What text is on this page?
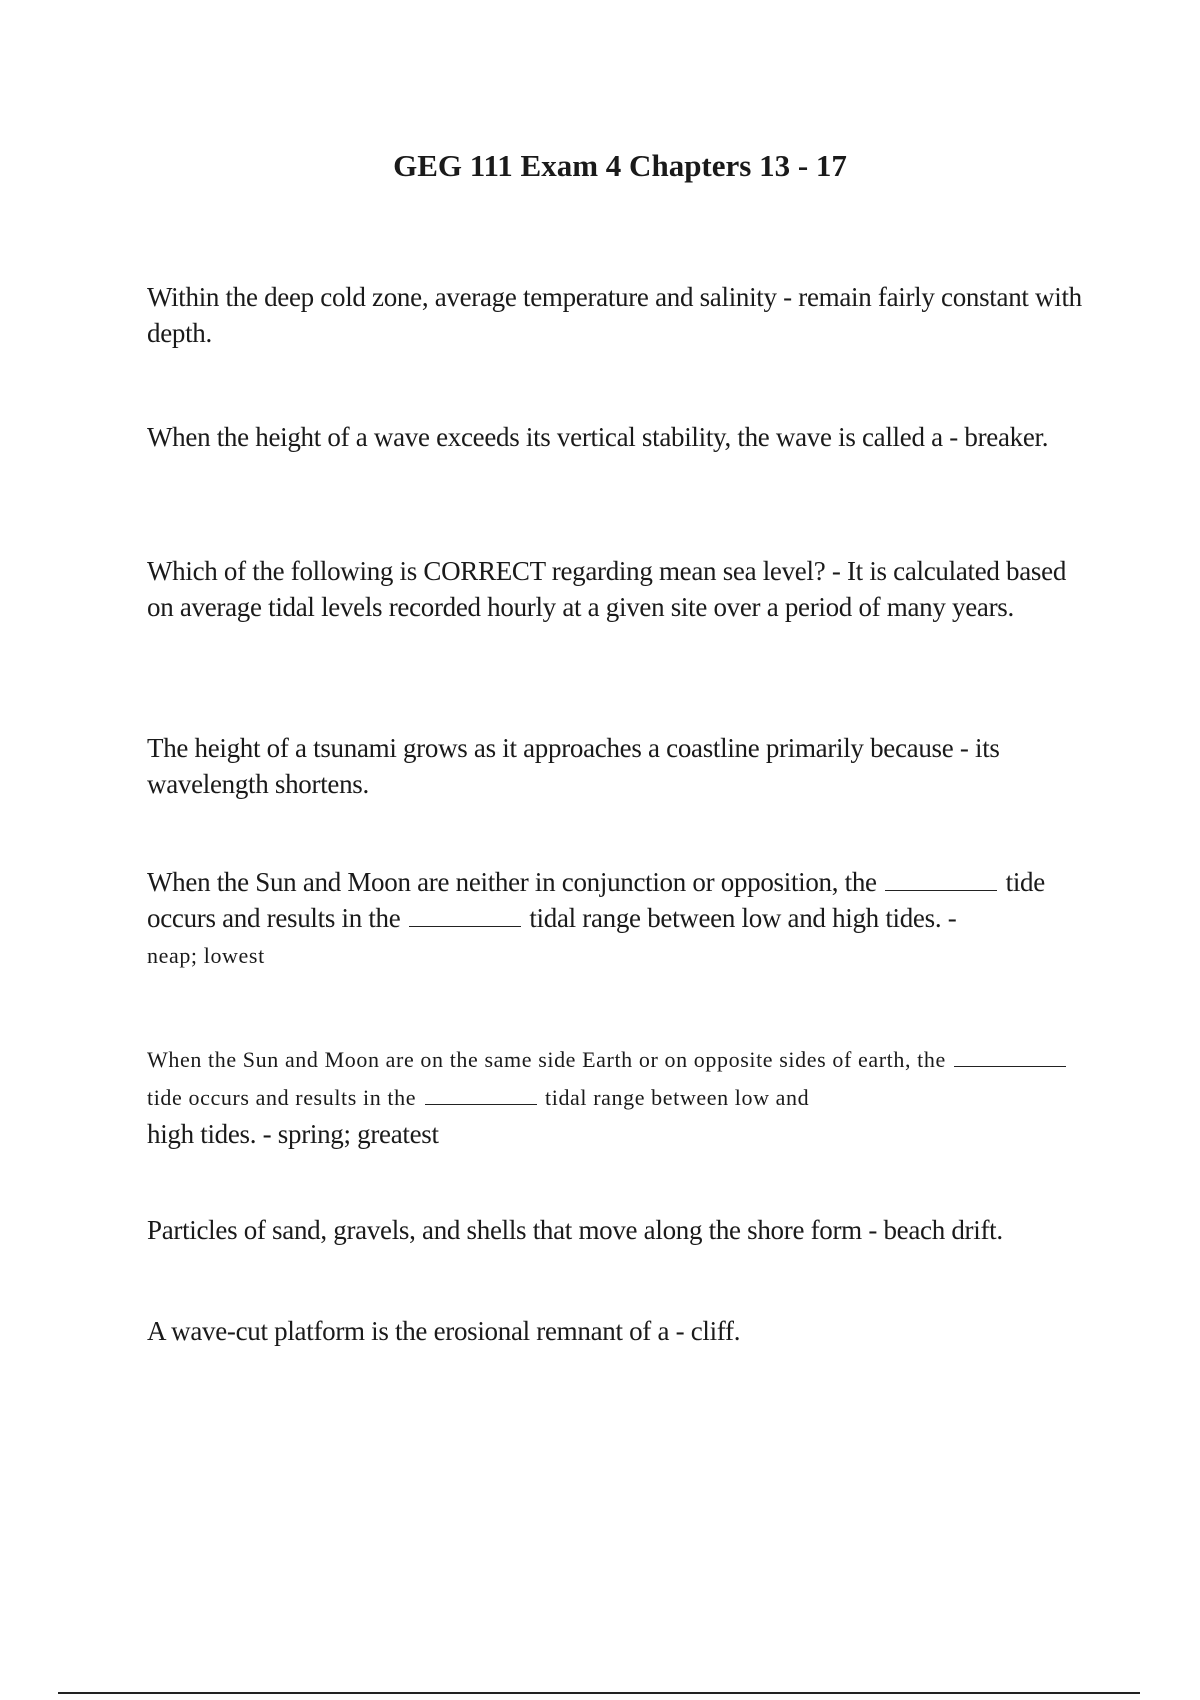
GEG 111 Exam 4 Chapters 13 - 17

Within the deep cold zone, average temperature and salinity - remain fairly constant with depth.

When the height of a wave exceeds its vertical stability, the wave is called a - breaker.

Which of the following is CORRECT regarding mean sea level? - It is calculated based on average tidal levels recorded hourly at a given site over a period of many years.

The height of a tsunami grows as it approaches a coastline primarily because - its wavelength shortens.

When the Sun and Moon are neither in conjunction or opposition, the	tide occurs and results in the	tidal range between low and high tides. -
neap; lowest

When the Sun and Moon are on the same side Earth or on opposite sides of earth, the  tide occurs and results in the	tidal range between low and
high tides. - spring; greatest

Particles of sand, gravels, and shells that move along the shore form - beach drift.

A wave-cut platform is the erosional remnant of a - cliff.
